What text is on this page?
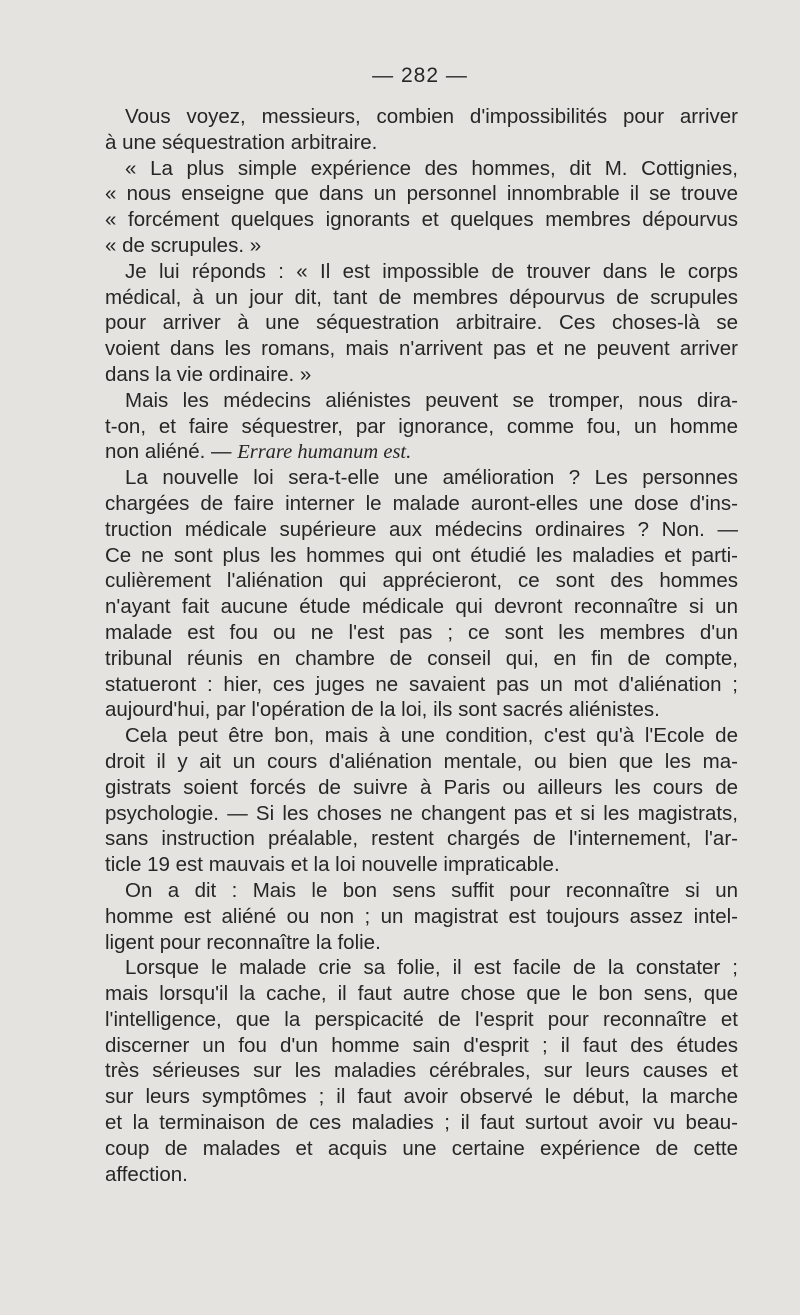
— 282 —
Vous voyez, messieurs, combien d'impossibilités pour arriver
à une séquestration arbitraire.
« La plus simple expérience des hommes, dit M. Cottignies,
« nous enseigne que dans un personnel innombrable il se trouve
« forcément quelques ignorants et quelques membres dépourvus
« de scrupules. »
Je lui réponds : « Il est impossible de trouver dans le corps
médical, à un jour dit, tant de membres dépourvus de scrupules
pour arriver à une séquestration arbitraire. Ces choses-là se
voient dans les romans, mais n'arrivent pas et ne peuvent arriver
dans la vie ordinaire. »
Mais les médecins aliénistes peuvent se tromper, nous dira-
t-on, et faire séquestrer, par ignorance, comme fou, un homme
non aliéné. — Errare humanum est.
La nouvelle loi sera-t-elle une amélioration ? Les personnes
chargées de faire interner le malade auront-elles une dose d'ins-
truction médicale supérieure aux médecins ordinaires ? Non. —
Ce ne sont plus les hommes qui ont étudié les maladies et parti-
culièrement l'aliénation qui apprécieront, ce sont des hommes
n'ayant fait aucune étude médicale qui devront reconnaître si un
malade est fou ou ne l'est pas ; ce sont les membres d'un
tribunal réunis en chambre de conseil qui, en fin de compte,
statueront : hier, ces juges ne savaient pas un mot d'aliénation ;
aujourd'hui, par l'opération de la loi, ils sont sacrés aliénistes.
Cela peut être bon, mais à une condition, c'est qu'à l'Ecole de
droit il y ait un cours d'aliénation mentale, ou bien que les ma-
gistrats soient forcés de suivre à Paris ou ailleurs les cours de
psychologie. — Si les choses ne changent pas et si les magistrats,
sans instruction préalable, restent chargés de l'internement, l'ar-
ticle 19 est mauvais et la loi nouvelle impraticable.
On a dit : Mais le bon sens suffit pour reconnaître si un
homme est aliéné ou non ; un magistrat est toujours assez intel-
ligent pour reconnaître la folie.
Lorsque le malade crie sa folie, il est facile de la constater ;
mais lorsqu'il la cache, il faut autre chose que le bon sens, que
l'intelligence, que la perspicacité de l'esprit pour reconnaître et
discerner un fou d'un homme sain d'esprit ; il faut des études
très sérieuses sur les maladies cérébrales, sur leurs causes et
sur leurs symptômes ; il faut avoir observé le début, la marche
et la terminaison de ces maladies ; il faut surtout avoir vu beau-
coup de malades et acquis une certaine expérience de cette
affection.
